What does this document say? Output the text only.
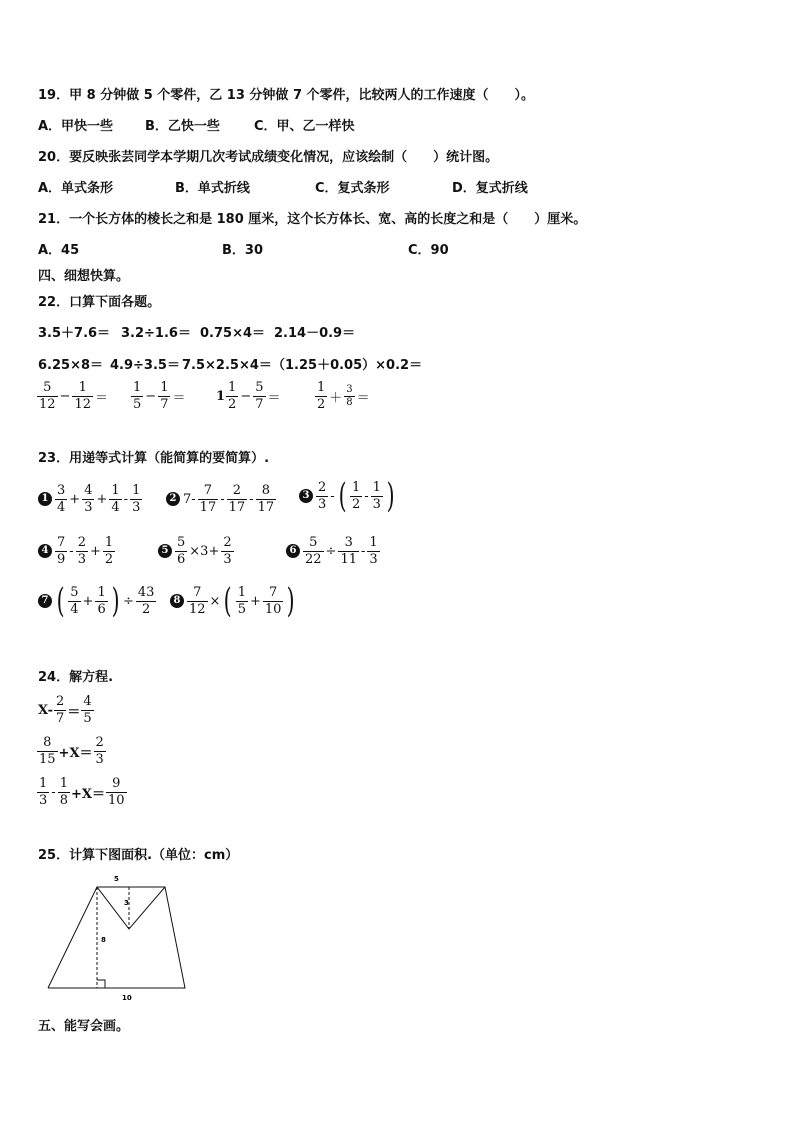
19．甲 8 分钟做 5 个零件，乙 13 分钟做 7 个零件，比较两人的工作速度（　　）。
A．甲快一些 B．乙快一些	C．甲、乙一样快
20．要反映张芸同学本学期几次考试成绩变化情况，应该绘制（　　）统计图。
A．单式条形	B．单式折线	C．复式条形	D．复式折线
21．一个长方体的棱长之和是 180 厘米，这个长方体长、宽、高的长度之和是（　　）厘米。
A．45	B．30	C．90
四、细想快算。
22．口算下面各题。
3.5＋7.6＝ 3.2÷1.6＝ 0.75×4＝ 2.14－0.9＝
6.25×8＝ 4.9÷3.5＝ 7.5×2.5×4＝ （1.25＋0.05）×0.2＝
$\frac{5}{12} - \frac{1}{12} = \frac{1}{5} - \frac{1}{7} = 1 \frac{1}{2} - \frac{5}{7}$ ＝	$\frac{1}{2} + \frac{3}{8}$ ＝
23．用递等式计算（能简算的要简算）.
$1 \frac{3}{4} + \frac{4}{3} + \frac{1}{4} - \frac{1}{3}$	2 $7- \frac{7}{17} - \frac{2}{17} - \frac{8}{17}$	$3 \frac{2}{3}$ - ( $\frac{1}{2} - \frac{1}{3}$ )
$4 \frac{7}{9} - \frac{2}{3} + \frac{1}{2}$	$5 \frac{5}{6} \times 3+ \frac{2}{3}$	$6 \frac{5}{22} \div \frac{3}{11} - \frac{1}{3}$
7 ( $\frac{5}{4} + \frac{1}{6}$ ) ÷ $\frac{43}{2}$	$8 \frac{7}{12}$ × ( $\frac{1}{5} + \frac{7}{10}$ )
24．解方程.
$X- \frac{2}{7} = \frac{4}{5}$
$\frac{8}{15} +X= \frac{2}{3}$
$\frac{1}{3} - \frac{1}{8} +X= \frac{9}{10}$
25．计算下图面积.（单位：cm）
5
3
8
10
五、能写会画。
